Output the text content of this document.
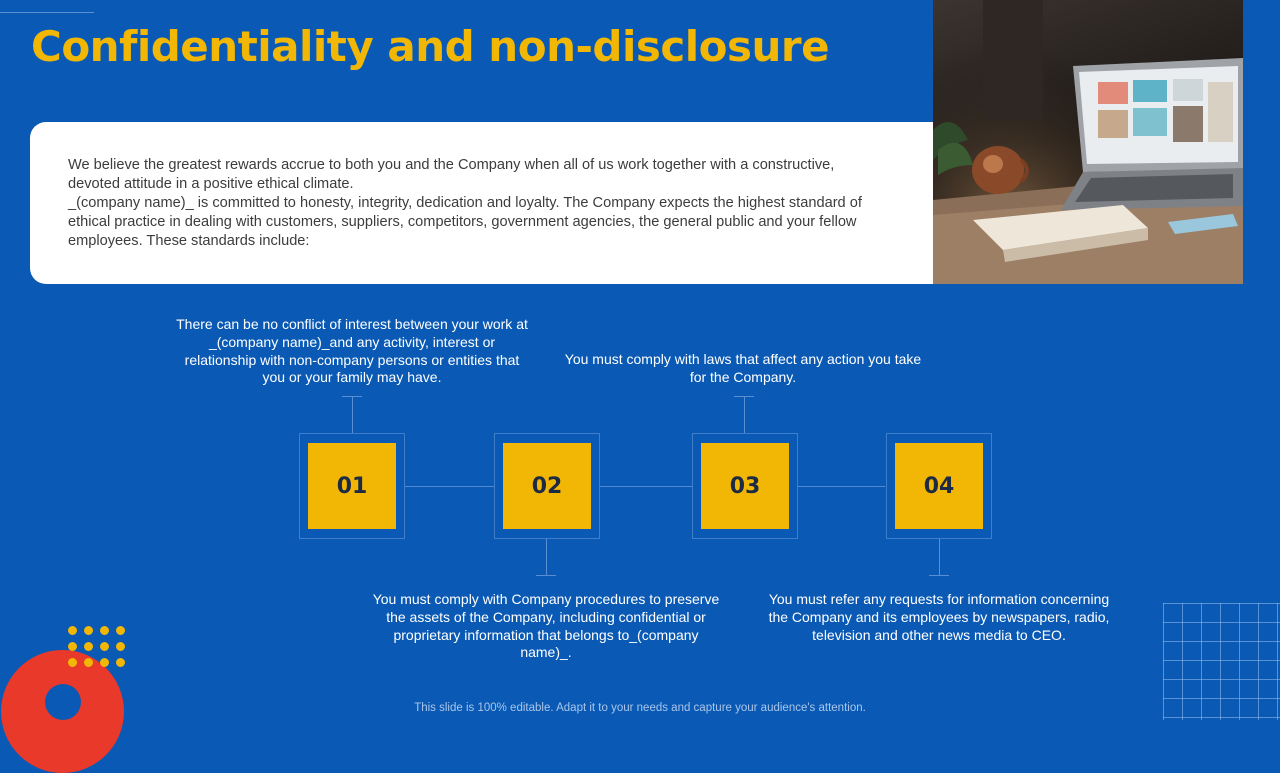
Confidentiality and non-disclosure

We believe the greatest rewards accrue to both you and the Company when all of us work together with a constructive, devoted attitude in a positive ethical climate.

_(company name)_ is committed to honesty, integrity, dedication and loyalty. The Company expects the highest standard of ethical practice in dealing with customers, suppliers, competitors, government agencies, the general public and your fellow employees. These standards include:

There can be no conflict of interest between your work at _(company name)_and any activity, interest or relationship with non-company persons or entities that you or your family may have.
You must comply with laws that affect any action you take for the Company.
You must comply with Company procedures to preserve the assets of the Company, including confidential or proprietary information that belongs to_(company name)_.
You must refer any requests for information concerning the Company and its employees by newspapers, radio, television and other news media to CEO.
01	02	03	04
This slide is 100% editable. Adapt it to your needs and capture your audience's attention.
